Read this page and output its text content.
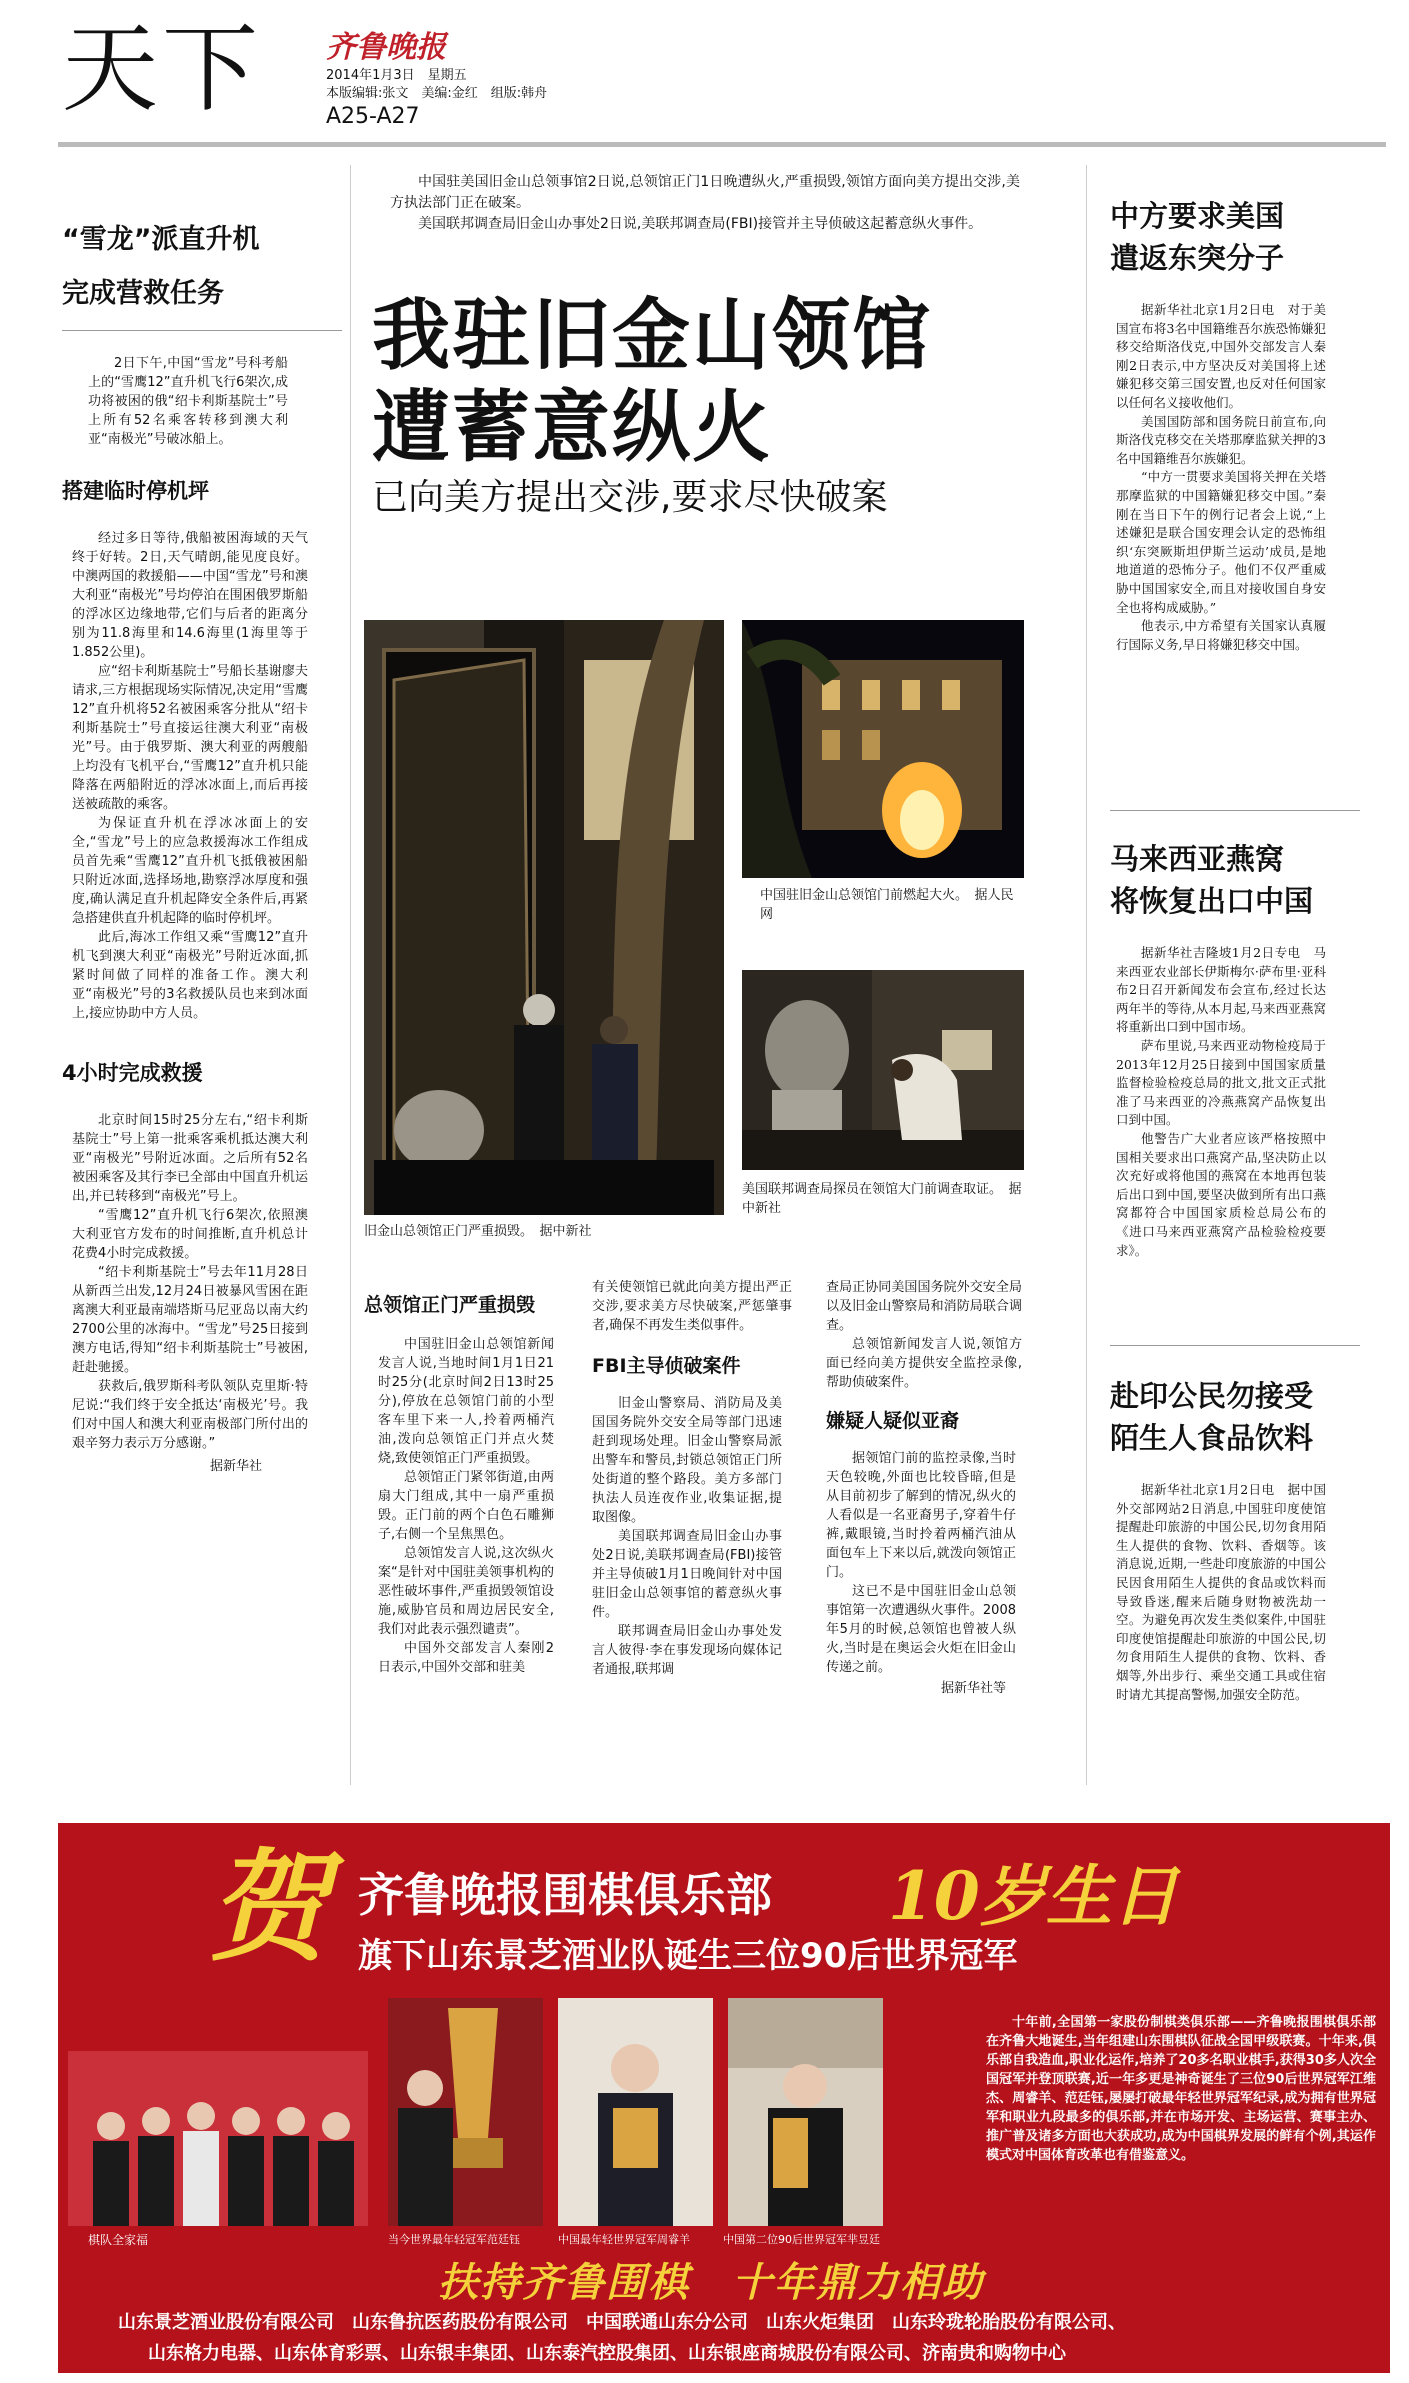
天下 齐鲁晚报
2014年1月3日　星期五
本版编辑:张文　美编:金红　组版:韩舟
A25-A27
“雪龙”派直升机
完成营救任务

2日下午,中国“雪龙”号科考船上的“雪鹰12”直升机飞行6架次,成功将被困的俄“绍卡利斯基院士”号上所有52名乘客转移到澳大利亚“南极光”号破冰船上。

搭建临时停机坪

经过多日等待,俄船被困海域的天气终于好转。2日,天气晴朗,能见度良好。中澳两国的救援船——中国“雪龙”号和澳大利亚“南极光”号均停泊在围困俄罗斯船的浮冰区边缘地带,它们与后者的距离分别为11.8海里和14.6海里(1海里等于1.852公里)。

应“绍卡利斯基院士”号船长基谢廖夫请求,三方根据现场实际情况,决定用“雪鹰12”直升机将52名被困乘客分批从“绍卡利斯基院士”号直接运往澳大利亚“南极光”号。由于俄罗斯、澳大利亚的两艘船上均没有飞机平台,“雪鹰12”直升机只能降落在两船附近的浮冰冰面上,而后再接送被疏散的乘客。

为保证直升机在浮冰冰面上的安全,“雪龙”号上的应急救援海冰工作组成员首先乘“雪鹰12”直升机飞抵俄被困船只附近冰面,选择场地,勘察浮冰厚度和强度,确认满足直升机起降安全条件后,再紧急搭建供直升机起降的临时停机坪。

此后,海冰工作组又乘“雪鹰12”直升机飞到澳大利亚“南极光”号附近冰面,抓紧时间做了同样的准备工作。澳大利亚“南极光”号的3名救援队员也来到冰面上,接应协助中方人员。

4小时完成救援

北京时间15时25分左右,“绍卡利斯基院士”号上第一批乘客乘机抵达澳大利亚“南极光”号附近冰面。之后所有52名被困乘客及其行李已全部由中国直升机运出,并已转移到“南极光”号上。

“雪鹰12”直升机飞行6架次,依照澳大利亚官方发布的时间推断,直升机总计花费4小时完成救援。

“绍卡利斯基院士”号去年11月28日从新西兰出发,12月24日被暴风雪困在距离澳大利亚最南端塔斯马尼亚岛以南大约2700公里的冰海中。“雪龙”号25日接到澳方电话,得知“绍卡利斯基院士”号被困,赶赴驰援。

获救后,俄罗斯科考队领队克里斯·特尼说:“我们终于安全抵达‘南极光’号。我们对中国人和澳大利亚南极部门所付出的艰辛努力表示万分感谢。”

据新华社

中国驻美国旧金山总领事馆2日说,总领馆正门1日晚遭纵火,严重损毁,领馆方面向美方提出交涉,美方执法部门正在破案。

美国联邦调查局旧金山办事处2日说,美联邦调查局(FBI)接管并主导侦破这起蓄意纵火事件。

我驻旧金山领馆
遭蓄意纵火
已向美方提出交涉,要求尽快破案
旧金山总领馆正门严重损毁。　据中新社
中国驻旧金山总领馆门前燃起大火。　据人民网
美国联邦调查局探员在领馆大门前调查取证。　据中新社
总领馆正门严重损毁

中国驻旧金山总领馆新闻发言人说,当地时间1月1日21时25分(北京时间2日13时25分),停放在总领馆门前的小型客车里下来一人,拎着两桶汽油,泼向总领馆正门并点火焚烧,致使领馆正门严重损毁。

总领馆正门紧邻街道,由两扇大门组成,其中一扇严重损毁。正门前的两个白色石雕狮子,右侧一个呈焦黑色。

总领馆发言人说,这次纵火案“是针对中国驻美领事机构的恶性破坏事件,严重损毁领馆设施,威胁官员和周边居民安全,我们对此表示强烈谴责”。

中国外交部发言人秦刚2日表示,中国外交部和驻美

有关使领馆已就此向美方提出严正交涉,要求美方尽快破案,严惩肇事者,确保不再发生类似事件。

FBI主导侦破案件

旧金山警察局、消防局及美国国务院外交安全局等部门迅速赶到现场处理。旧金山警察局派出警车和警员,封锁总领馆正门所处街道的整个路段。美方多部门执法人员连夜作业,收集证据,提取图像。

美国联邦调查局旧金山办事处2日说,美联邦调查局(FBI)接管并主导侦破1月1日晚间针对中国驻旧金山总领事馆的蓄意纵火事件。

联邦调查局旧金山办事处发言人彼得·李在事发现场向媒体记者通报,联邦调

查局正协同美国国务院外交安全局以及旧金山警察局和消防局联合调查。

总领馆新闻发言人说,领馆方面已经向美方提供安全监控录像,帮助侦破案件。

嫌疑人疑似亚裔

据领馆门前的监控录像,当时天色较晚,外面也比较昏暗,但是从目前初步了解到的情况,纵火的人看似是一名亚裔男子,穿着牛仔裤,戴眼镜,当时拎着两桶汽油从面包车上下来以后,就泼向领馆正门。

这已不是中国驻旧金山总领事馆第一次遭遇纵火事件。2008年5月的时候,总领馆也曾被人纵火,当时是在奥运会火炬在旧金山传递之前。

据新华社等
中方要求美国
遣返东突分子

据新华社北京1月2日电　对于美国宣布将3名中国籍维吾尔族恐怖嫌犯移交给斯洛伐克,中国外交部发言人秦刚2日表示,中方坚决反对美国将上述嫌犯移交第三国安置,也反对任何国家以任何名义接收他们。

美国国防部和国务院日前宣布,向斯洛伐克移交在关塔那摩监狱关押的3名中国籍维吾尔族嫌犯。

“中方一贯要求美国将关押在关塔那摩监狱的中国籍嫌犯移交中国。”秦刚在当日下午的例行记者会上说,“上述嫌犯是联合国安理会认定的恐怖组织‘东突厥斯坦伊斯兰运动’成员,是地地道道的恐怖分子。他们不仅严重威胁中国国家安全,而且对接收国自身安全也将构成威胁。”

他表示,中方希望有关国家认真履行国际义务,早日将嫌犯移交中国。

马来西亚燕窝
将恢复出口中国

据新华社吉隆坡1月2日专电　马来西亚农业部长伊斯梅尔·萨布里·亚科布2日召开新闻发布会宣布,经过长达两年半的等待,从本月起,马来西亚燕窝将重新出口到中国市场。

萨布里说,马来西亚动物检疫局于2013年12月25日接到中国国家质量监督检验检疫总局的批文,批文正式批准了马来西亚的冷燕燕窝产品恢复出口到中国。

他警告广大业者应该严格按照中国相关要求出口燕窝产品,坚决防止以次充好或将他国的燕窝在本地再包装后出口到中国,要坚决做到所有出口燕窝都符合中国国家质检总局公布的《进口马来西亚燕窝产品检验检疫要求》。

赴印公民勿接受
陌生人食品饮料

据新华社北京1月2日电　据中国外交部网站2日消息,中国驻印度使馆提醒赴印旅游的中国公民,切勿食用陌生人提供的食物、饮料、香烟等。该消息说,近期,一些赴印度旅游的中国公民因食用陌生人提供的食品或饮料而导致昏迷,醒来后随身财物被洗劫一空。为避免再次发生类似案件,中国驻印度使馆提醒赴印旅游的中国公民,切勿食用陌生人提供的食物、饮料、香烟等,外出步行、乘坐交通工具或住宿时请尤其提高警惕,加强安全防范。

贺 齐鲁晚报围棋俱乐部 10岁生日
旗下山东景芝酒业队诞生三位90后世界冠军
棋队全家福	当今世界最年轻冠军范廷钰	中国最年轻世界冠军周睿羊	中国第二位90后世界冠军芈昱廷
十年前,全国第一家股份制棋类俱乐部——齐鲁晚报围棋俱乐部在齐鲁大地诞生,当年组建山东围棋队征战全国甲级联赛。十年来,俱乐部自我造血,职业化运作,培养了20多名职业棋手,获得30多人次全国冠军并登顶联赛,近一年多更是神奇诞生了三位90后世界冠军江维杰、周睿羊、范廷钰,屡屡打破最年轻世界冠军纪录,成为拥有世界冠军和职业九段最多的俱乐部,并在市场开发、主场运营、赛事主办、推广普及诸多方面也大获成功,成为中国棋界发展的鲜有个例,其运作模式对中国体育改革也有借鉴意义。
扶持齐鲁围棋　十年鼎力相助
山东景芝酒业股份有限公司　山东鲁抗医药股份有限公司　中国联通山东分公司　山东火炬集团　山东玲珑轮胎股份有限公司、
山东格力电器、山东体育彩票、山东银丰集团、山东泰汽控股集团、山东银座商城股份有限公司、济南贵和购物中心
